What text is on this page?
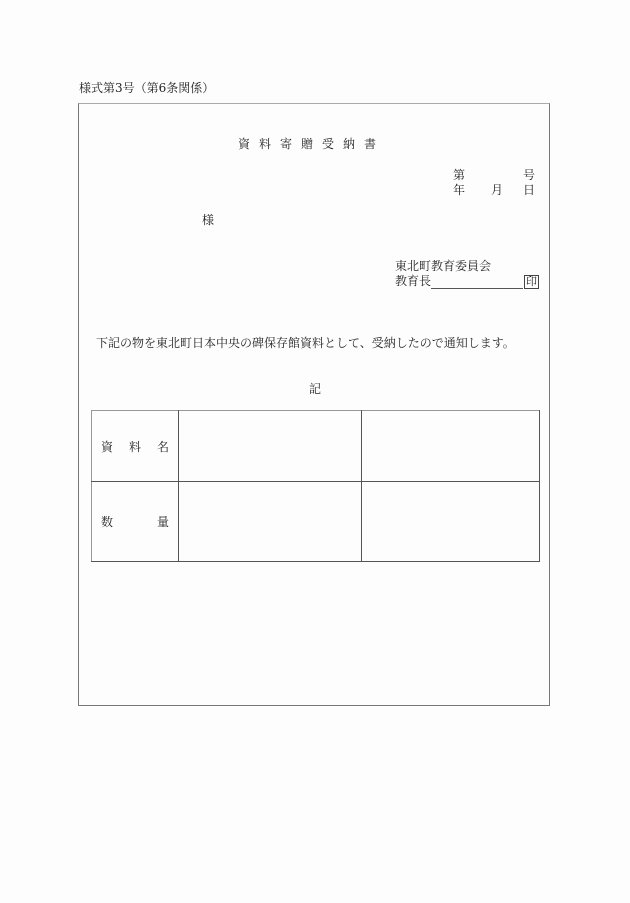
様式第3号（第6条関係）
資料寄贈受納書
第	号
年 月 日
様
東北町教育委員会
教育長	印
下記の物を東北町日本中央の碑保存館資料として、受納したので通知します。
記
資 料 名		

数 量		
